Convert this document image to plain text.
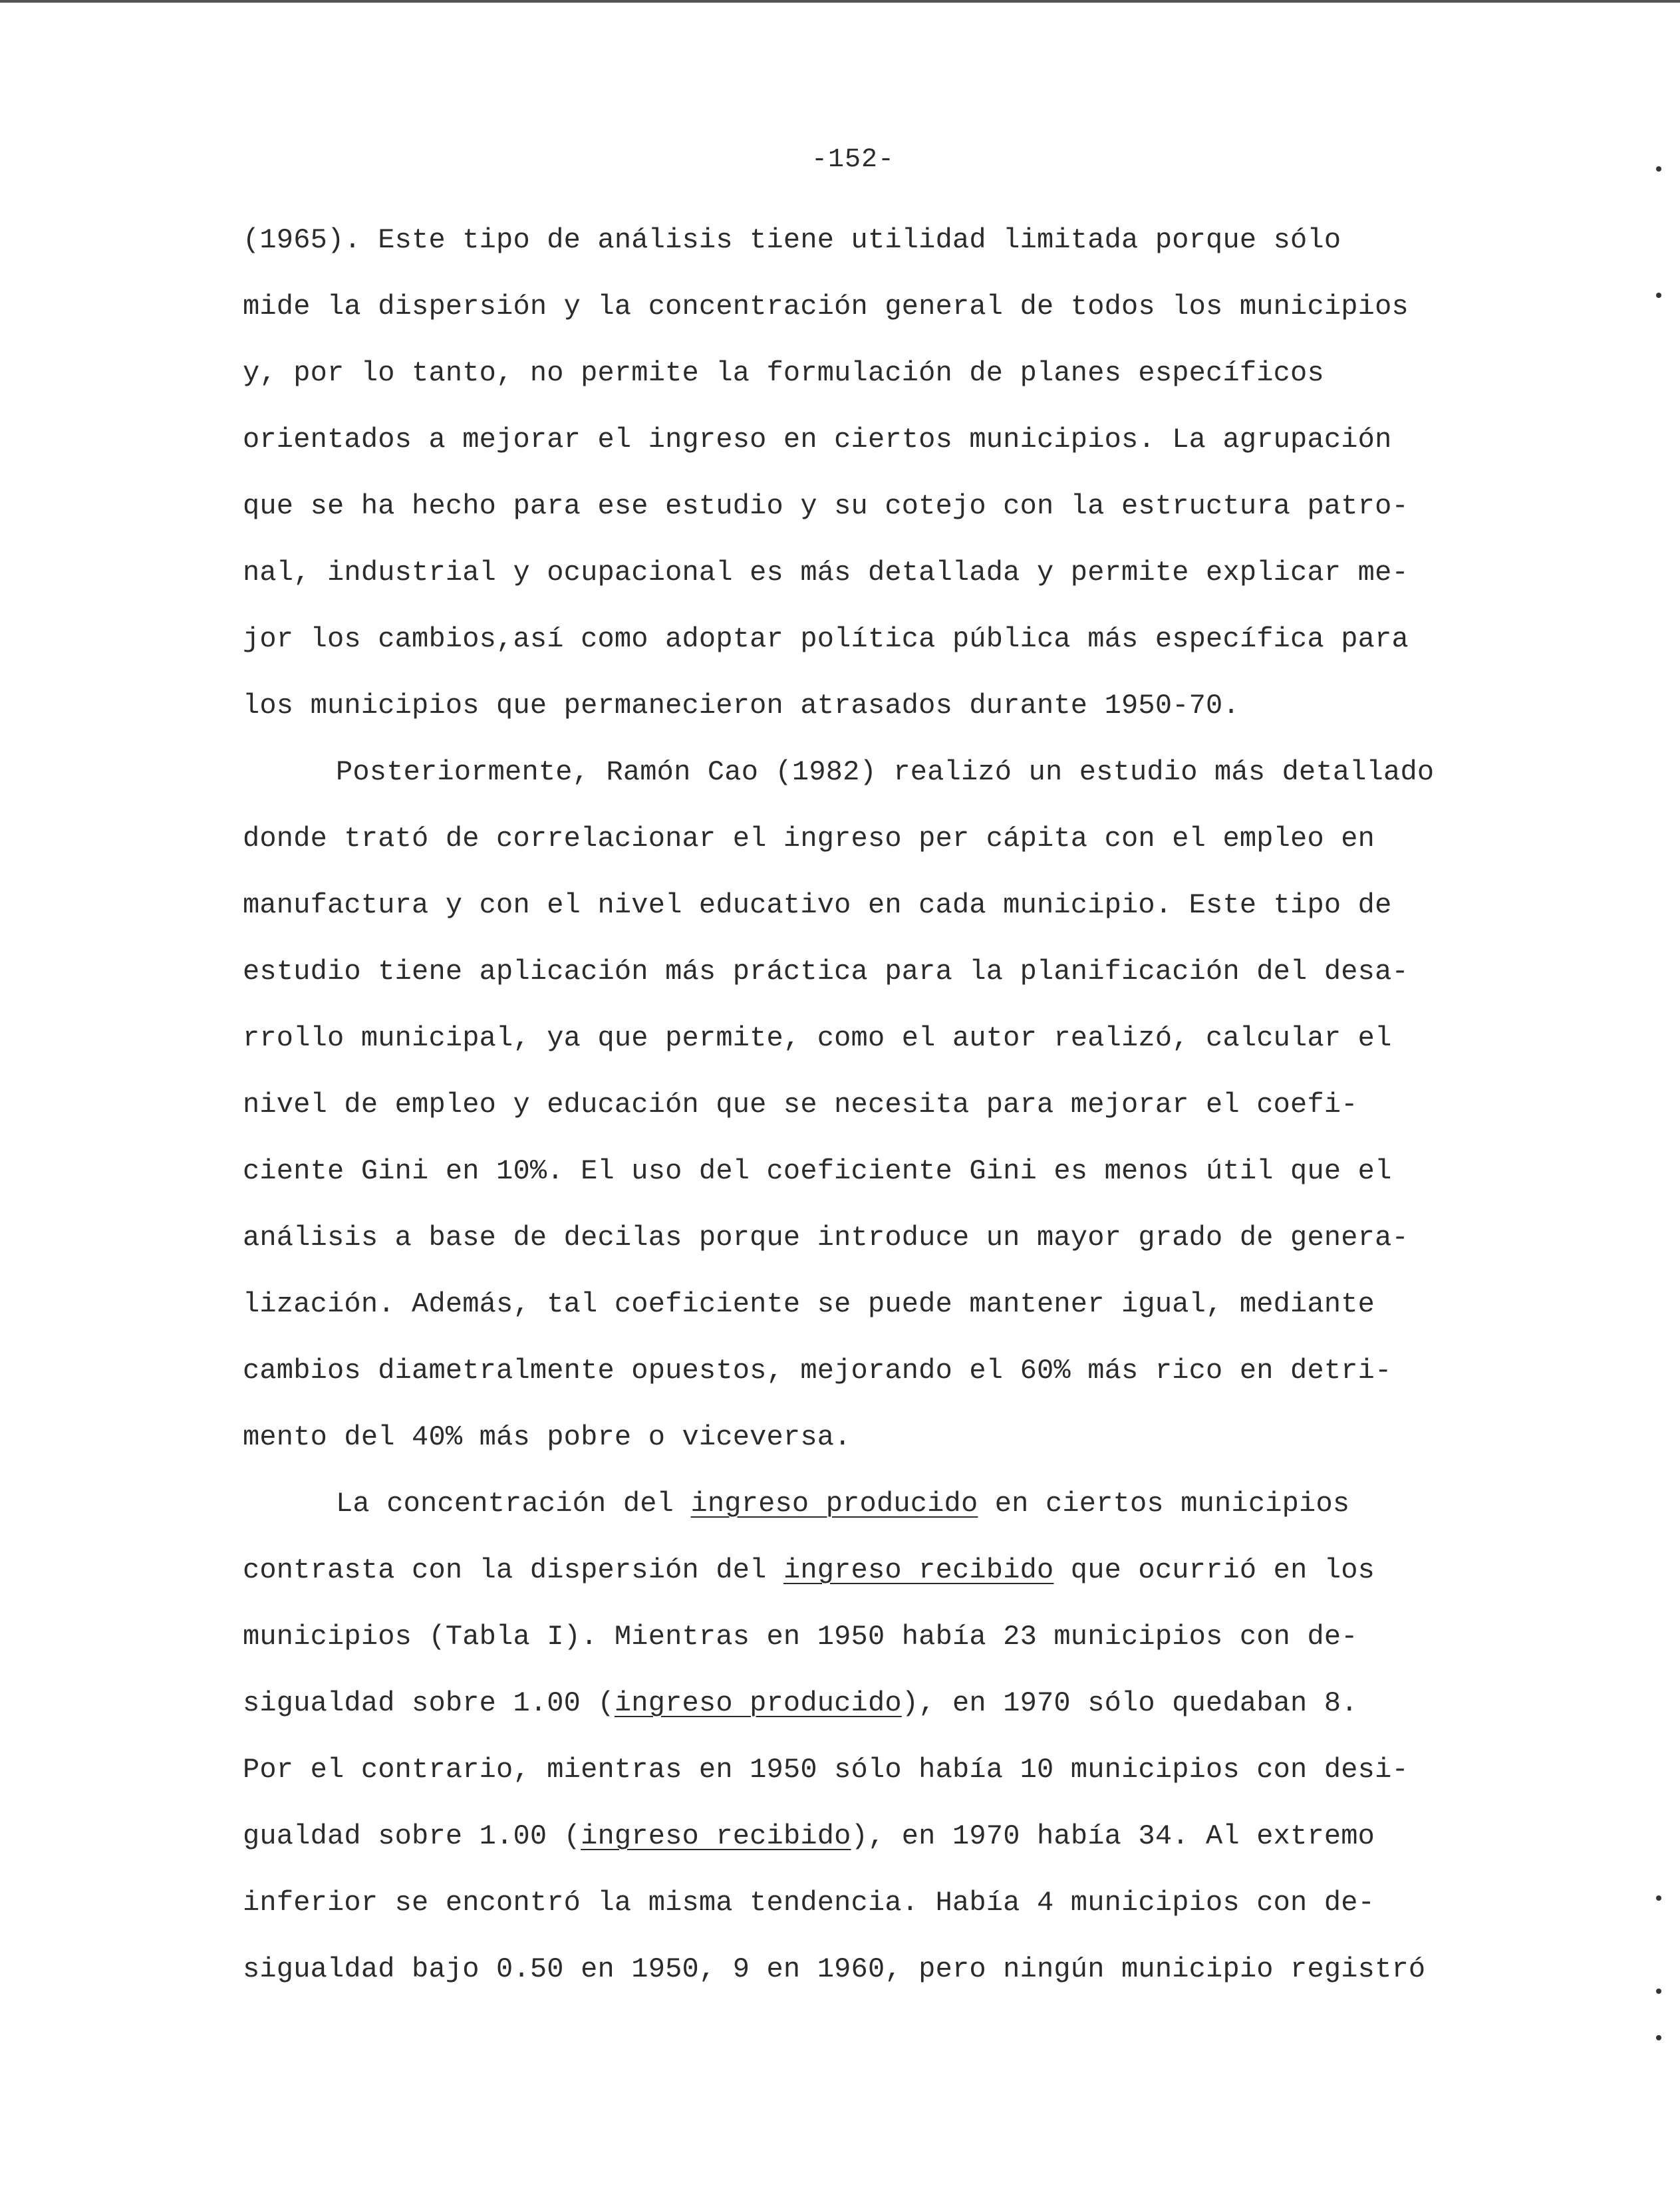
-152-
(1965). Este tipo de análisis tiene utilidad limitada porque sólo
mide la dispersión y la concentración general de todos los municipios
y, por lo tanto, no permite la formulación de planes específicos
orientados a mejorar el ingreso en ciertos municipios. La agrupación
que se ha hecho para ese estudio y su cotejo con la estructura patro-
nal, industrial y ocupacional es más detallada y permite explicar me-
jor los cambios,así como adoptar política pública más específica para
los municipios que permanecieron atrasados durante 1950-70.
Posteriormente, Ramón Cao (1982) realizó un estudio más detallado
donde trató de correlacionar el ingreso per cápita con el empleo en
manufactura y con el nivel educativo en cada municipio. Este tipo de
estudio tiene aplicación más práctica para la planificación del desa-
rrollo municipal, ya que permite, como el autor realizó, calcular el
nivel de empleo y educación que se necesita para mejorar el coefi-
ciente Gini en 10%. El uso del coeficiente Gini es menos útil que el
análisis a base de decilas porque introduce un mayor grado de genera-
lización. Además, tal coeficiente se puede mantener igual, mediante
cambios diametralmente opuestos, mejorando el 60% más rico en detri-
mento del 40% más pobre o viceversa.
La concentración del ingreso producido en ciertos municipios
contrasta con la dispersión del ingreso recibido que ocurrió en los
municipios (Tabla I). Mientras en 1950 había 23 municipios con de-
sigualdad sobre 1.00 (ingreso producido), en 1970 sólo quedaban 8.
Por el contrario, mientras en 1950 sólo había 10 municipios con desi-
gualdad sobre 1.00 (ingreso recibido), en 1970 había 34. Al extremo
inferior se encontró la misma tendencia. Había 4 municipios con de-
sigualdad bajo 0.50 en 1950, 9 en 1960, pero ningún municipio registró
